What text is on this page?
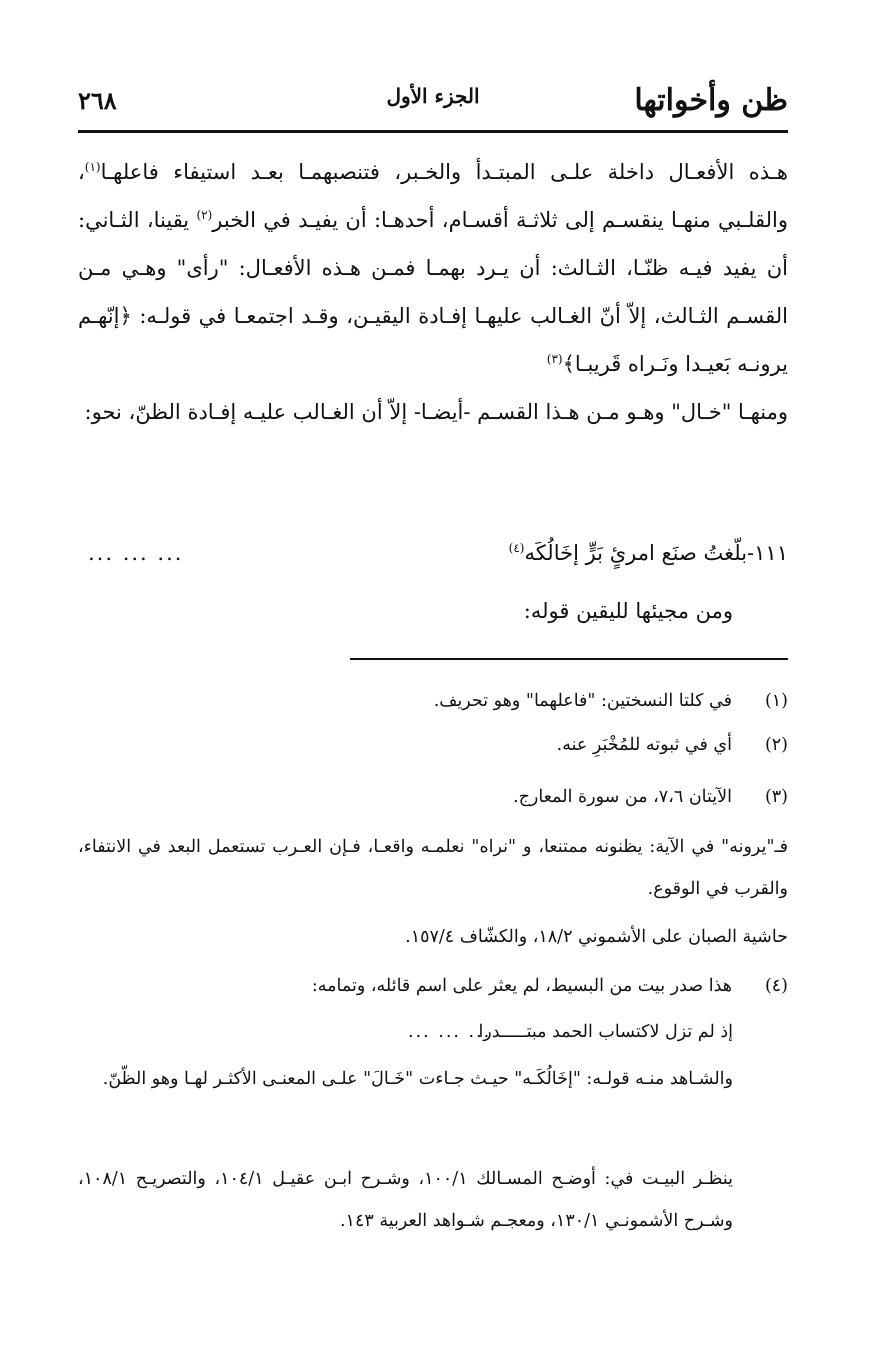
ظن وأخواتها
الجزء الأول
٢٦٨

هـذه الأفعـال داخلة علـى المبتـدأ والخـبر، فتنصبهمـا بعـد استيفاء فاعلهـا$^{(١)}$، والقلـبي منهـا ينقسـم إلى ثلاثـة أقسـام، أحدهـا: أن يفيـد في الخبر$^{(٢)}$ يقينا، الثـاني: أن يفيد فيـه ظنّـا، الثـالث: أن يـرد بهمـا فمـن هـذه الأفعـال: "رأى" وهـي مـن القسـم الثـالث، إلاّ أنّ الغـالب عليهـا إفـادة اليقيـن، وقـد اجتمعـا في قولـه: ﴿إنّهـم يرونـه بَعيـدا ونَـراه قَريبـا﴾$^{(٣)}$

ومنهـا "خـال" وهـو مـن هـذا القسـم -أيضـا- إلاّ أن الغـالب عليـه إفـادة الظنّ، نحو:

١١١-بلّغتُ صنَع امرئٍ بَرٍّ إخَالُكَه$^{(٤)}$
... ... ...
ومن مجيئها لليقين قوله:
(١)
في كلتا النسختين: "فاعلهما" وهو تحريف.
(٢)
أي في ثبوته للمُخْبَرِ عنه.
(٣)
الآيتان ٧،٦، من سورة المعارج.
فـ"يرونه" في الآية: يظنونه ممتنعا، و "نراه" نعلمـه واقعـا، فـإن العـرب تستعمل البعد في الانتفاء، والقرب في الوقوع.
حاشية الصبان على الأشموني ١٨/٢، والكشّاف ١٥٧/٤.
(٤)
هذا صدر بيت من البسيط، لم يعثر على اسم قائله، وتمامه:
إذ لم تزل لاكتساب الحمد مبتـــــدرا
... ... ...
والشـاهد منـه قولـه: "إخَالُكَـه" حيـث جـاءت "خَـالَ" علـى المعنـى الأكثـر لهـا وهو الظّنّ.
ينظـر البيـت في: أوضـح المسـالك ١٠٠/١، وشـرح ابـن عقيـل ١٠٤/١، والتصريـح ١٠٨/١، وشـرح الأشمونـي ١٣٠/١، ومعجـم شـواهد العربية ١٤٣.
